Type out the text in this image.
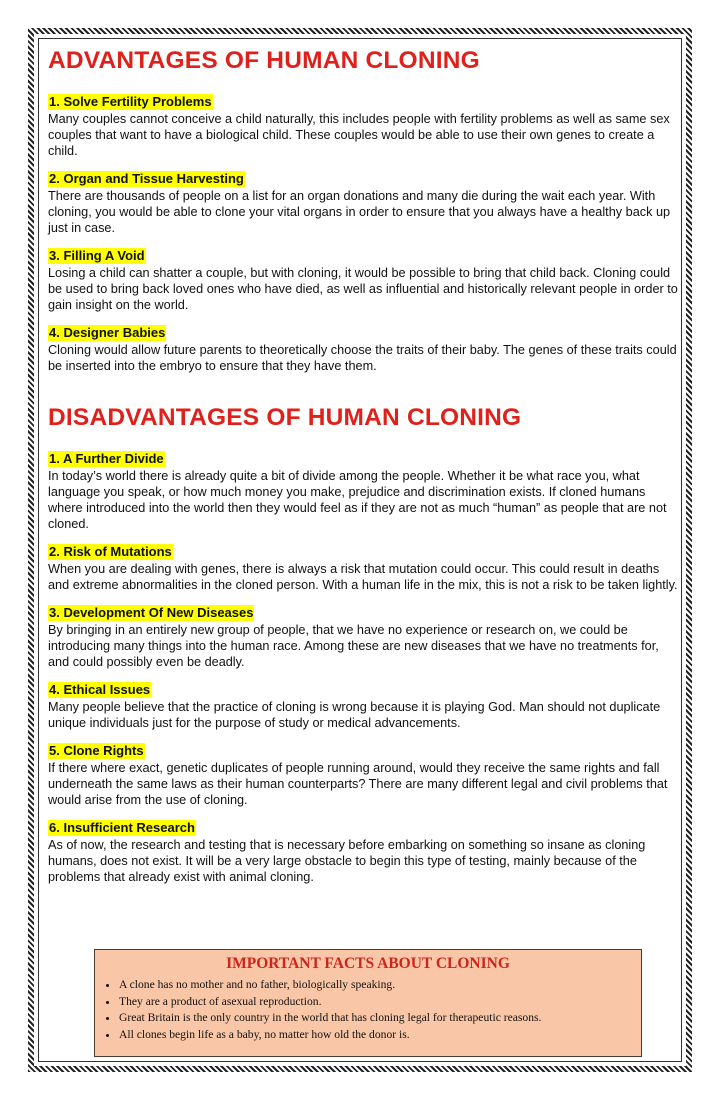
ADVANTAGES OF HUMAN CLONING
1. Solve Fertility Problems

Many couples cannot conceive a child naturally, this includes people with fertility problems as well as same sex couples that want to have a biological child. These couples would be able to use their own genes to create a child.

2. Organ and Tissue Harvesting

There are thousands of people on a list for an organ donations and many die during the wait each year. With cloning, you would be able to clone your vital organs in order to ensure that you always have a healthy back up just in case.

3. Filling A Void

Losing a child can shatter a couple, but with cloning, it would be possible to bring that child back. Cloning could be used to bring back loved ones who have died, as well as influential and historically relevant people in order to gain insight on the world.

4. Designer Babies

Cloning would allow future parents to theoretically choose the traits of their baby. The genes of these traits could be inserted into the embryo to ensure that they have them.

DISADVANTAGES OF HUMAN CLONING
1. A Further Divide

In today’s world there is already quite a bit of divide among the people. Whether it be what race you, what language you speak, or how much money you make, prejudice and discrimination exists. If cloned humans where introduced into the world then they would feel as if they are not as much “human” as people that are not cloned.

2. Risk of Mutations

When you are dealing with genes, there is always a risk that mutation could occur. This could result in deaths and extreme abnormalities in the cloned person. With a human life in the mix, this is not a risk to be taken lightly.

3. Development Of New Diseases

By bringing in an entirely new group of people, that we have no experience or research on, we could be introducing many things into the human race. Among these are new diseases that we have no treatments for, and could possibly even be deadly.

4. Ethical Issues

Many people believe that the practice of cloning is wrong because it is playing God. Man should not duplicate unique individuals just for the purpose of study or medical advancements.

5. Clone Rights

If there where exact, genetic duplicates of people running around, would they receive the same rights and fall underneath the same laws as their human counterparts? There are many different legal and civil problems that would arise from the use of cloning.

6. Insufficient Research

As of now, the research and testing that is necessary before embarking on something so insane as cloning humans, does not exist. It will be a very large obstacle to begin this type of testing, mainly because of the problems that already exist with animal cloning.

IMPORTANT FACTS ABOUT CLONING
• A clone has no mother and no father, biologically speaking.
• They are a product of asexual reproduction.
• Great Britain is the only country in the world that has cloning legal for therapeutic reasons.
• All clones begin life as a baby, no matter how old the donor is.
